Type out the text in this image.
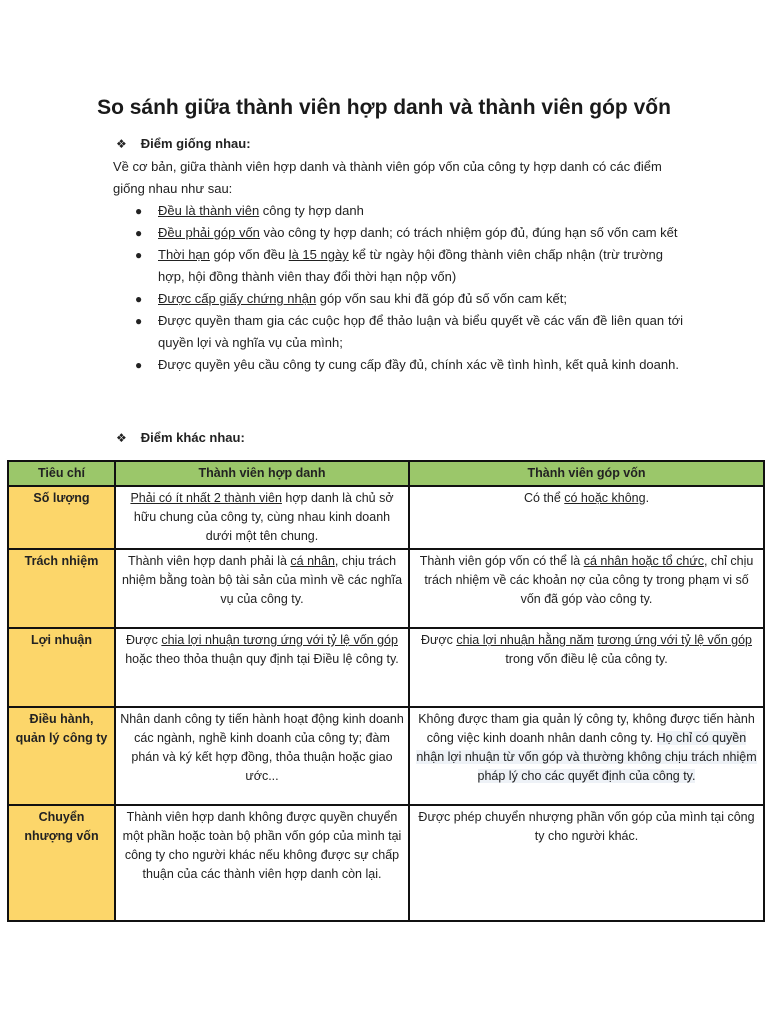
So sánh giữa thành viên hợp danh và thành viên góp vốn
❖ Điểm giống nhau:

Về cơ bản, giữa thành viên hợp danh và thành viên góp vốn của công ty hợp danh có các điểm giống nhau như sau:

● Đều là thành viên công ty hợp danh
● Đều phải góp vốn vào công ty hợp danh; có trách nhiệm góp đủ, đúng hạn số vốn cam kết
● Thời hạn góp vốn đều là 15 ngày kể từ ngày hội đồng thành viên chấp nhận (trừ trường hợp, hội đồng thành viên thay đổi thời hạn nộp vốn)
● Được cấp giấy chứng nhận góp vốn sau khi đã góp đủ số vốn cam kết;
● Được quyền tham gia các cuộc họp để thảo luận và biểu quyết về các vấn đề liên quan tới quyền lợi và nghĩa vụ của mình;
● Được quyền yêu cầu công ty cung cấp đầy đủ, chính xác về tình hình, kết quả kinh doanh.
❖ Điểm khác nhau:
Tiêu chí	Thành viên hợp danh	Thành viên góp vốn
Số lượng	Phải có ít nhất 2 thành viên hợp danh là chủ sở hữu chung của công ty, cùng nhau kinh doanh dưới một tên chung.	Có thể có hoặc không.
Trách nhiệm	Thành viên hợp danh phải là cá nhân, chịu trách nhiệm bằng toàn bộ tài sản của mình về các nghĩa vụ của công ty.	Thành viên góp vốn có thể là cá nhân hoặc tổ chức, chỉ chịu trách nhiệm về các khoản nợ của công ty trong phạm vi số vốn đã góp vào công ty.
Lợi nhuận	Được chia lợi nhuận tương ứng với tỷ lệ vốn góp hoặc theo thỏa thuận quy định tại Điều lệ công ty.	Được chia lợi nhuận hằng năm tương ứng với tỷ lệ vốn góp trong vốn điều lệ của công ty.
Điều hành, quản lý công ty	Nhân danh công ty tiến hành hoạt động kinh doanh các ngành, nghề kinh doanh của công ty; đàm phán và ký kết hợp đồng, thỏa thuận hoặc giao ước...	Không được tham gia quản lý công ty, không được tiến hành công việc kinh doanh nhân danh công ty. Họ chỉ có quyền nhận lợi nhuận từ vốn góp và thường không chịu trách nhiệm pháp lý cho các quyết định của công ty.
Chuyển nhượng vốn	Thành viên hợp danh không được quyền chuyển một phần hoặc toàn bộ phần vốn góp của mình tại công ty cho người khác nếu không được sự chấp thuận của các thành viên hợp danh còn lại.	Được phép chuyển nhượng phần vốn góp của mình tại công ty cho người khác.
